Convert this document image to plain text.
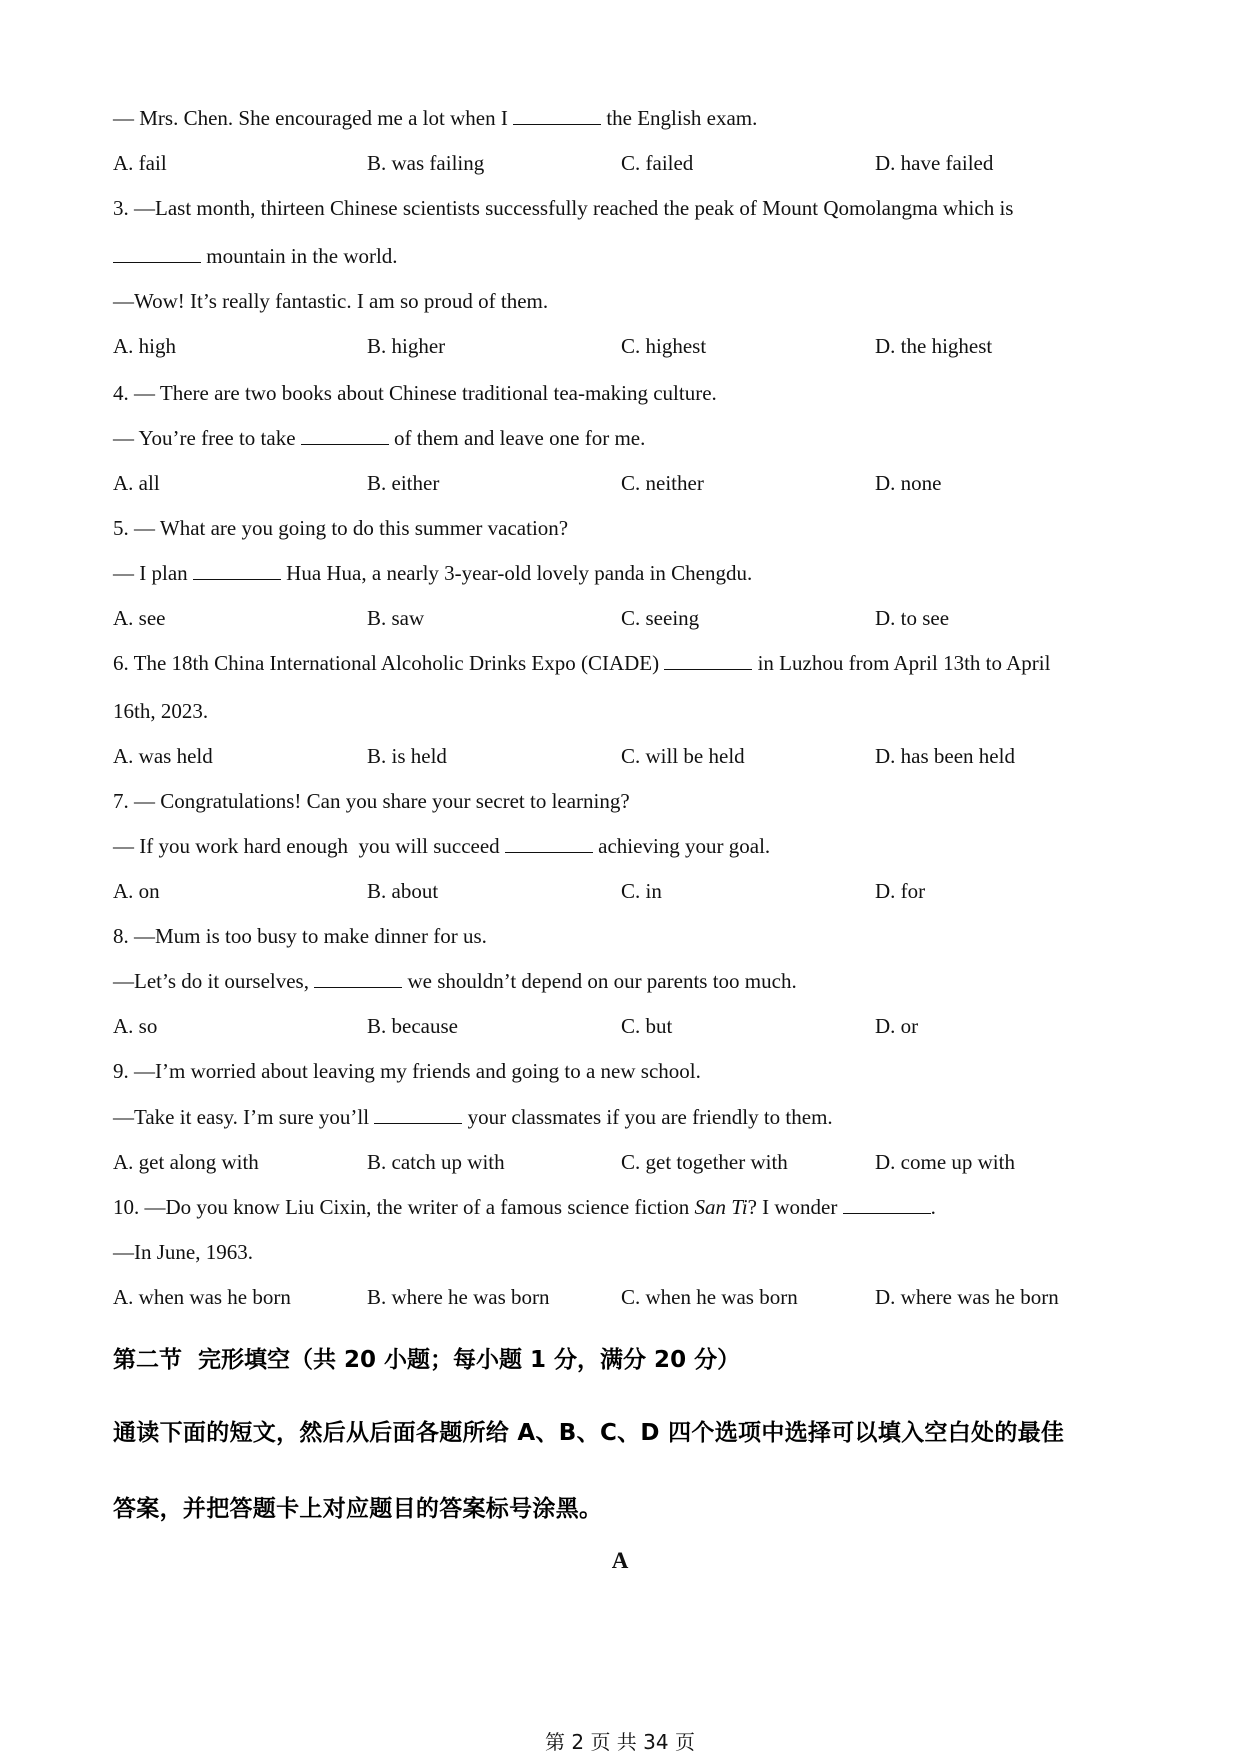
— Mrs. Chen. She encouraged me a lot when I	the English exam.
A. fail	B. was failing	C. failed	D. have failed
3. —Last month, thirteen Chinese scientists successfully reached the peak of Mount Qomolangma which is
mountain in the world.
—Wow! It’s really fantastic. I am so proud of them.
A. high	B. higher	C. highest	D. the highest
4. — There are two books about Chinese traditional tea-making culture.
— You’re free to take	of them and leave one for me.
A. all	B. either	C. neither	D. none
5. — What are you going to do this summer vacation?
— I plan	Hua Hua, a nearly 3-year-old lovely panda in Chengdu.
A. see	B. saw	C. seeing	D. to see
6. The 18th China International Alcoholic Drinks Expo (CIADE)	in Luzhou from April 13th to April
16th, 2023.
A. was held	B. is held	C. will be held	D. has been held
7. — Congratulations! Can you share your secret to learning?
— If you work hard enough  you will succeed	achieving your goal.
A. on	B. about	C. in	D. for
8. —Mum is too busy to make dinner for us.
—Let’s do it ourselves,	we shouldn’t depend on our parents too much.
A. so	B. because	C. but	D. or
9. —I’m worried about leaving my friends and going to a new school.
—Take it easy. I’m sure you’ll	your classmates if you are friendly to them.
A. get along with	B. catch up with	C. get together with	D. come up with
10. —Do you know Liu Cixin, the writer of a famous science fiction San Ti? I wonder	.
—In June, 1963.
A. when was he born	B. where he was born	C. when he was born	D. where was he born
第二节  完形填空（共 20 小题；每小题 1 分，满分 20 分）
通读下面的短文，然后从后面各题所给 A、B、C、D 四个选项中选择可以填入空白处的最佳
答案，并把答题卡上对应题目的答案标号涂黑。
A
第 2 页 共 34 页
